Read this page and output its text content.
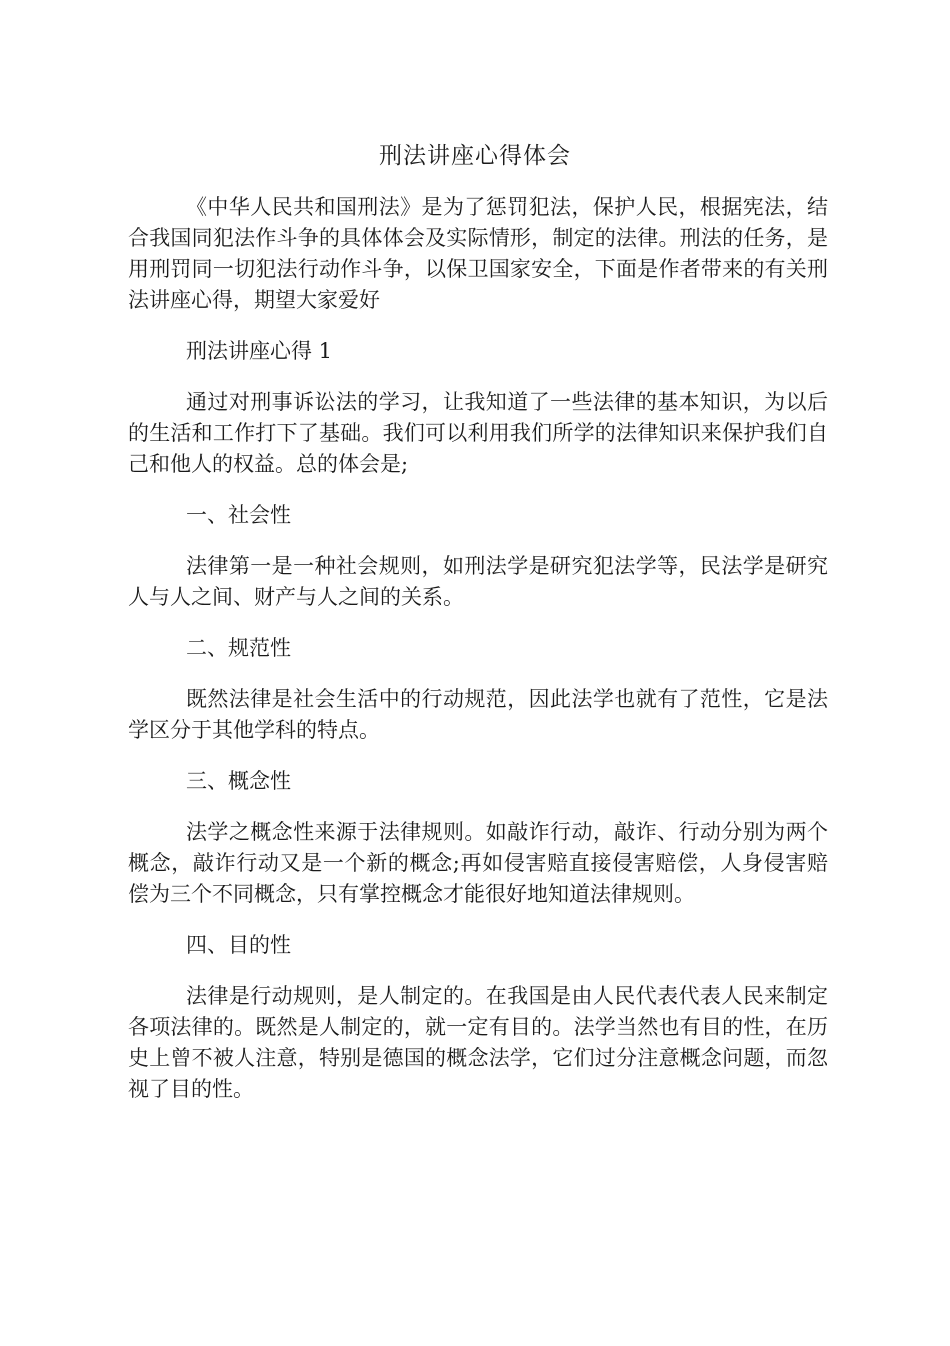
刑法讲座心得体会

《中华人民共和国刑法》是为了惩罚犯法，保护人民，根据宪法，结合我国同犯法作斗争的具体体会及实际情形，制定的法律。刑法的任务，是用刑罚同一切犯法行动作斗争，以保卫国家安全，下面是作者带来的有关刑法讲座心得，期望大家爱好

刑法讲座心得 1

通过对刑事诉讼法的学习，让我知道了一些法律的基本知识，为以后的生活和工作打下了基础。我们可以利用我们所学的法律知识来保护我们自己和他人的权益。总的体会是;

一、社会性

法律第一是一种社会规则，如刑法学是研究犯法学等，民法学是研究人与人之间、财产与人之间的关系。

二、规范性

既然法律是社会生活中的行动规范，因此法学也就有了范性，它是法学区分于其他学科的特点。

三、概念性

法学之概念性来源于法律规则。如敲诈行动，敲诈、行动分别为两个概念，敲诈行动又是一个新的概念;再如侵害赔直接侵害赔偿，人身侵害赔偿为三个不同概念，只有掌控概念才能很好地知道法律规则。

四、目的性

法律是行动规则，是人制定的。在我国是由人民代表代表人民来制定各项法律的。既然是人制定的，就一定有目的。法学当然也有目的性，在历史上曾不被人注意，特别是德国的概念法学，它们过分注意概念问题，而忽视了目的性。
